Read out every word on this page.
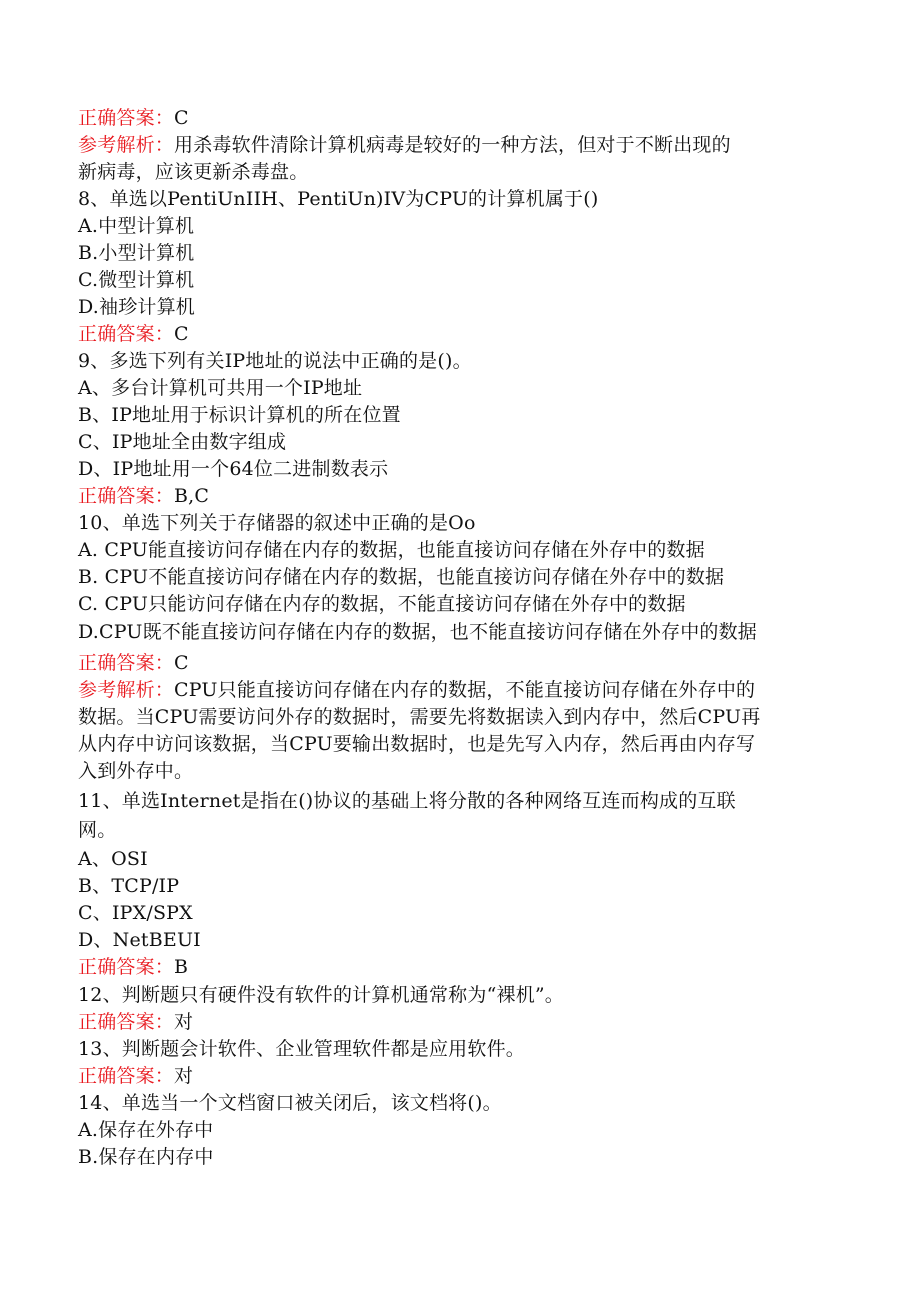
正确答案：C
参考解析：用杀毒软件清除计算机病毒是较好的一种方法，但对于不断出现的
新病毒，应该更新杀毒盘。
8、单选以PentiUnIIH、PentiUn)IV为CPU的计算机属于()
A.中型计算机
B.小型计算机
C.微型计算机
D.袖珍计算机
正确答案：C
9、多选下列有关IP地址的说法中正确的是()。
A、多台计算机可共用一个IP地址
B、IP地址用于标识计算机的所在位置
C、IP地址全由数字组成
D、IP地址用一个64位二进制数表示
正确答案：B,C
10、单选下列关于存储器的叙述中正确的是Oo
A. CPU能直接访问存储在内存的数据，也能直接访问存储在外存中的数据
B. CPU不能直接访问存储在内存的数据，也能直接访问存储在外存中的数据
C. CPU只能访问存储在内存的数据，不能直接访问存储在外存中的数据
D.CPU既不能直接访问存储在内存的数据，也不能直接访问存储在外存中的数据
正确答案：C
参考解析：CPU只能直接访问存储在内存的数据，不能直接访问存储在外存中的
数据。当CPU需要访问外存的数据时，需要先将数据读入到内存中，然后CPU再
从内存中访问该数据，当CPU要输出数据时，也是先写入内存，然后再由内存写
入到外存中。
11、单选Internet是指在()协议的基础上将分散的各种网络互连而构成的互联
网。
A、OSI
B、TCP/IP
C、IPX/SPX
D、NetBEUI
正确答案：B
12、判断题只有硬件没有软件的计算机通常称为“裸机”。
正确答案：对
13、判断题会计软件、企业管理软件都是应用软件。
正确答案：对
14、单选当一个文档窗口被关闭后，该文档将()。
A.保存在外存中
B.保存在内存中
